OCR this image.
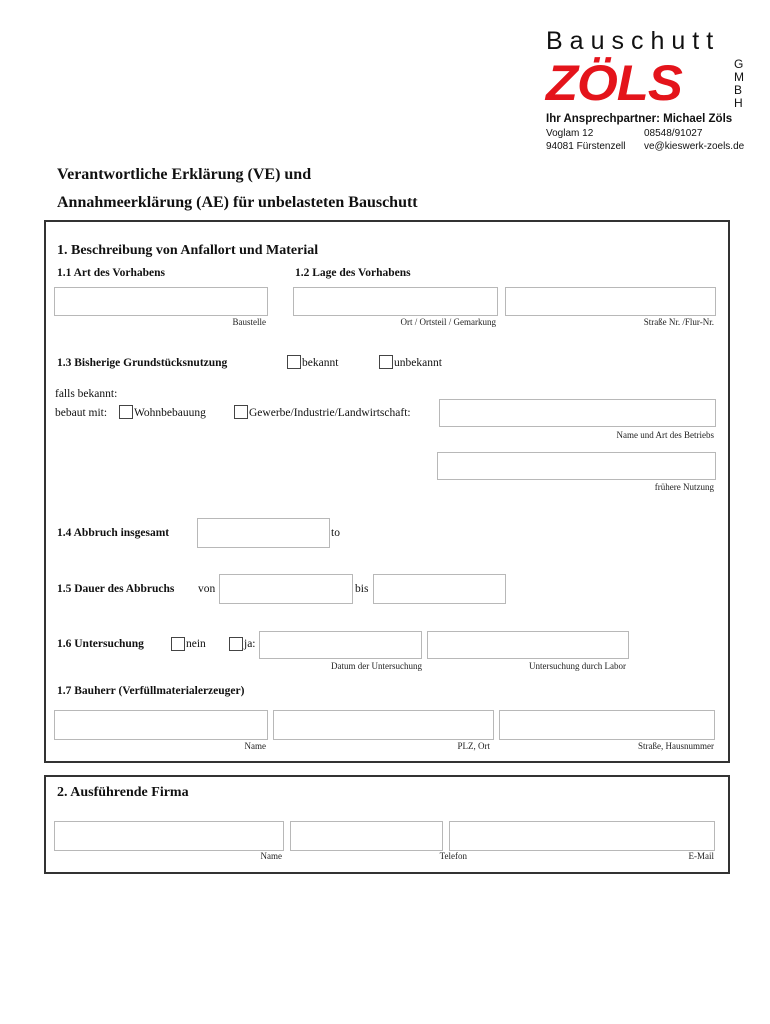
Bauschutt
ZÖLS	G
M
B
H
Ihr Ansprechpartner: Michael Zöls
Voglam 12
94081 Fürstenzell
08548/91027
ve@kieswerk-zoels.de
Verantwortliche Erklärung (VE) und
Annahmeerklärung (AE) für unbelasteten Bauschutt
1. Beschreibung von Anfallort und Material
1.1 Art des Vorhabens	1.2 Lage des Vorhabens
Baustelle	Ort / Ortsteil / Gemarkung	Straße Nr. /Flur-Nr.
1.3 Bisherige Grundstücksnutzung	bekannt	unbekannt
falls bekannt:
bebaut mit: Wohnbebauung	Gewerbe/Industrie/Landwirtschaft:
Name und Art des Betriebs
frühere Nutzung
1.4 Abbruch insgesamt	to
1.5 Dauer des Abbruchs von	bis
1.6 Untersuchung	nein	ja:
Datum der Untersuchung	Untersuchung durch Labor
1.7 Bauherr (Verfüllmaterialerzeuger)
Name	PLZ, Ort	Straße, Hausnummer
2. Ausführende Firma
Name	Telefon	E-Mail
